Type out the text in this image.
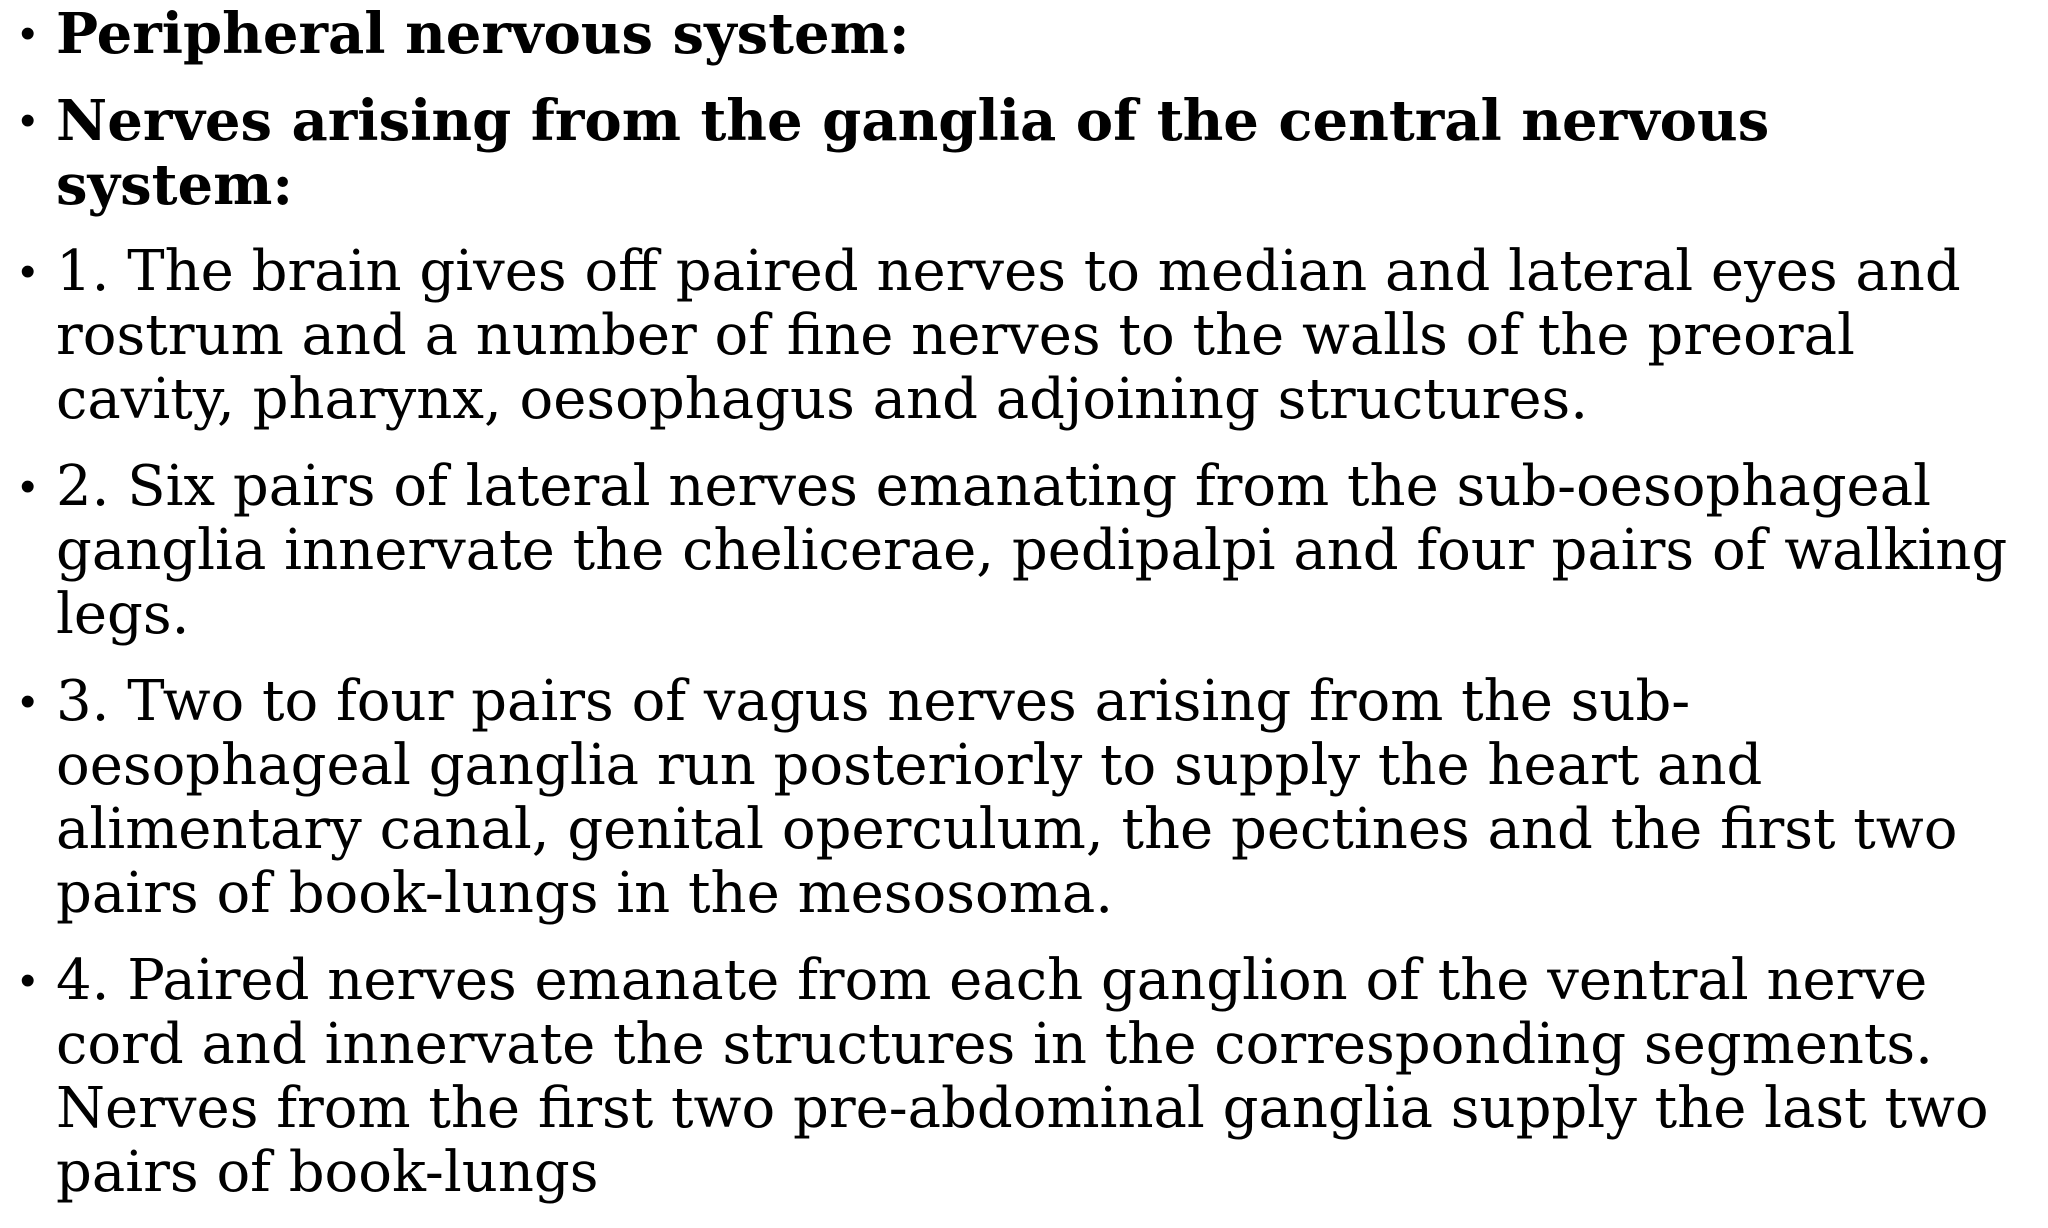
• Peripheral nervous system:
• Nerves arising from the ganglia of the central nervous system:
• 1. The brain gives off paired nerves to median and lateral eyes and rostrum and a number of fine nerves to the walls of the preoral cavity, pharynx, oesophagus and adjoining structures.
• 2. Six pairs of lateral nerves emanating from the sub-oesophageal ganglia innervate the chelicerae, pedipalpi and four pairs of walking legs.
• 3. Two to four pairs of vagus nerves arising from the sub-oesophageal ganglia run posteriorly to supply the heart and alimentary canal, genital operculum, the pectines and the first two pairs of book-lungs in the mesosoma.
• 4. Paired nerves emanate from each ganglion of the ventral nerve cord and innervate the structures in the corresponding segments. Nerves from the first two pre-abdominal ganglia supply the last two pairs of book-lungs
